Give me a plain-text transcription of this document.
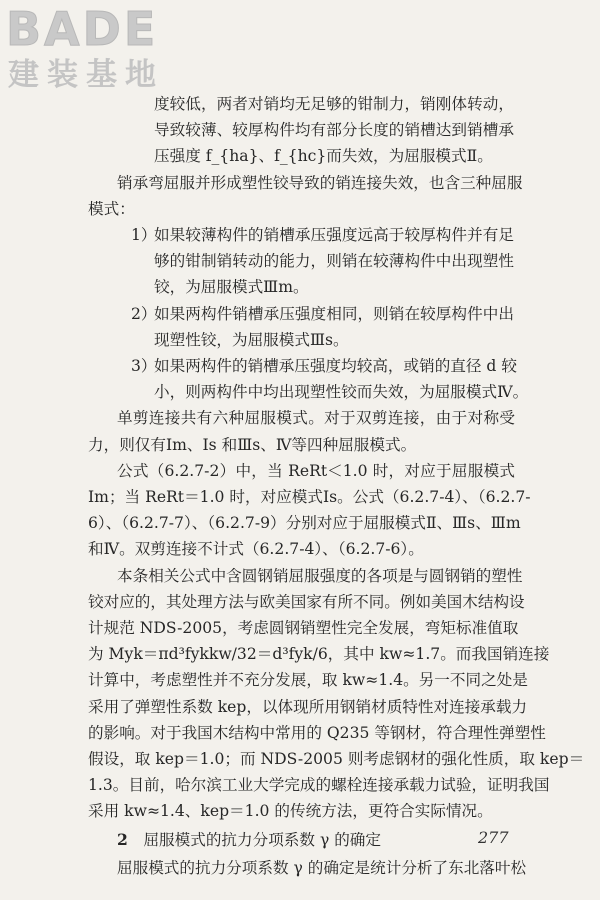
BADE
建装基地
度较低，两者对销均无足够的钳制力，销刚体转动，
导致较薄、较厚构件均有部分长度的销槽达到销槽承
压强度 f_{ha}、f_{hc}而失效，为屈服模式Ⅱ。
销承弯屈服并形成塑性铰导致的销连接失效，也含三种屈服
模式：
1）
如果较薄构件的销槽承压强度远高于较厚构件并有足
够的钳制销转动的能力，则销在较薄构件中出现塑性
铰，为屈服模式Ⅲm。
2）
如果两构件销槽承压强度相同，则销在较厚构件中出
现塑性铰，为屈服模式Ⅲs。
3）
如果两构件的销槽承压强度均较高，或销的直径 d 较
小，则两构件中均出现塑性铰而失效，为屈服模式Ⅳ。
单剪连接共有六种屈服模式。对于双剪连接，由于对称受
力，则仅有Ⅰm、Ⅰs 和Ⅲs、Ⅳ等四种屈服模式。
公式（6.2.7-2）中，当 ReRt＜1.0 时，对应于屈服模式
Ⅰm；当 ReRt＝1.0 时，对应模式Ⅰs。公式（6.2.7-4）、（6.2.7-
6）、（6.2.7-7）、（6.2.7-9）分别对应于屈服模式Ⅱ、Ⅲs、Ⅲm
和Ⅳ。双剪连接不计式（6.2.7-4）、（6.2.7-6）。
本条相关公式中含圆钢销屈服强度的各项是与圆钢销的塑性
铰对应的，其处理方法与欧美国家有所不同。例如美国木结构设
计规范 NDS-2005，考虑圆钢销塑性完全发展，弯矩标准值取
为 Myk＝πd³fykkw/32＝d³fyk/6，其中 kw≈1.7。而我国销连接
计算中，考虑塑性并不充分发展，取 kw≈1.4。另一不同之处是
采用了弹塑性系数 kep，以体现所用钢销材质特性对连接承载力
的影响。对于我国木结构中常用的 Q235 等钢材，符合理性弹塑性
假设，取 kep＝1.0；而 NDS-2005 则考虑钢材的强化性质，取 kep＝
1.3。目前，哈尔滨工业大学完成的螺栓连接承载力试验，证明我国
采用 kw≈1.4、kep＝1.0 的传统方法，更符合实际情况。
277
2  屈服模式的抗力分项系数 γ 的确定
屈服模式的抗力分项系数 γ 的确定是统计分析了东北落叶松
